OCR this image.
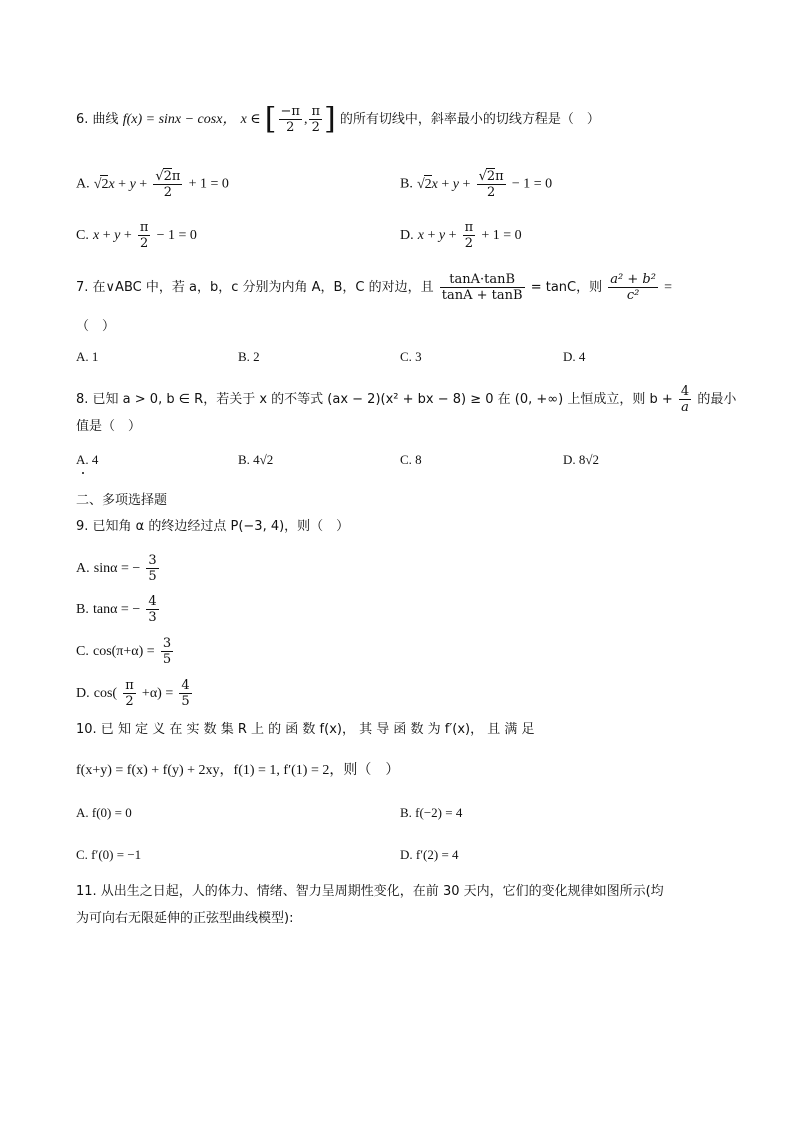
6. 曲线 f(x) = sinx − cosx， x ∈ [ $\frac{-\pi}{2}$ , $\frac{\pi}{2}$ ] 的所有切线中，斜率最小的切线方程是（　）
A. $√2x + y + \frac{√2\pi}{2} + 1 = 0$	B. $√2x + y + \frac{√2\pi}{2} - 1 = 0$
C. $x + y + \frac{\pi}{2} - 1 = 0$	D. $x + y + \frac{\pi}{2} + 1 = 0$
7. 在∨ABC 中，若 a，b，c 分别为内角 A，B，C 的对边，且 $\frac{\tan A\cdot\tan B}{\tan A + \tan B} = \tan C$，则 $\frac{\text{a² + b²}}{\text{c²}}$ =
（　）
A. 1	B. 2	C. 3	D. 4
8. 已知 a > 0, b ∈ R，若关于 x 的不等式 (ax − 2)(x² + bx − 8) ≥ 0 在 (0, +∞) 上恒成立，则 $b + \frac{4}{a}$ 的最小
值是（　）
A. 4	B. 4√2	C. 8	D. 8√2
二、多项选择题
9. 已知角 α 的终边经过点 P(−3, 4)，则（　）
A. sinα = − $\frac{3}{5}$
B. tanα = − $\frac{4}{3}$
C. $\cos(\pi+\alpha) = \frac{3}{5}$
D. $\cos( \frac{\pi}{2} +\alpha) = \frac{4}{5}$
10. 已 知 定 义 在 实 数 集 R 上 的 函 数 f(x)， 其 导 函 数 为 f′(x)， 且 满 足
f(x+y) = f(x) + f(y) + 2xy，f(1) = 1, f′(1) = 2，则（　）
A. f(0) = 0	B. f(−2) = 4
C. f′(0) = −1	D. f′(2) = 4
11. 从出生之日起，人的体力、情绪、智力呈周期性变化，在前 30 天内，它们的变化规律如图所示(均
为可向右无限延伸的正弦型曲线模型):
